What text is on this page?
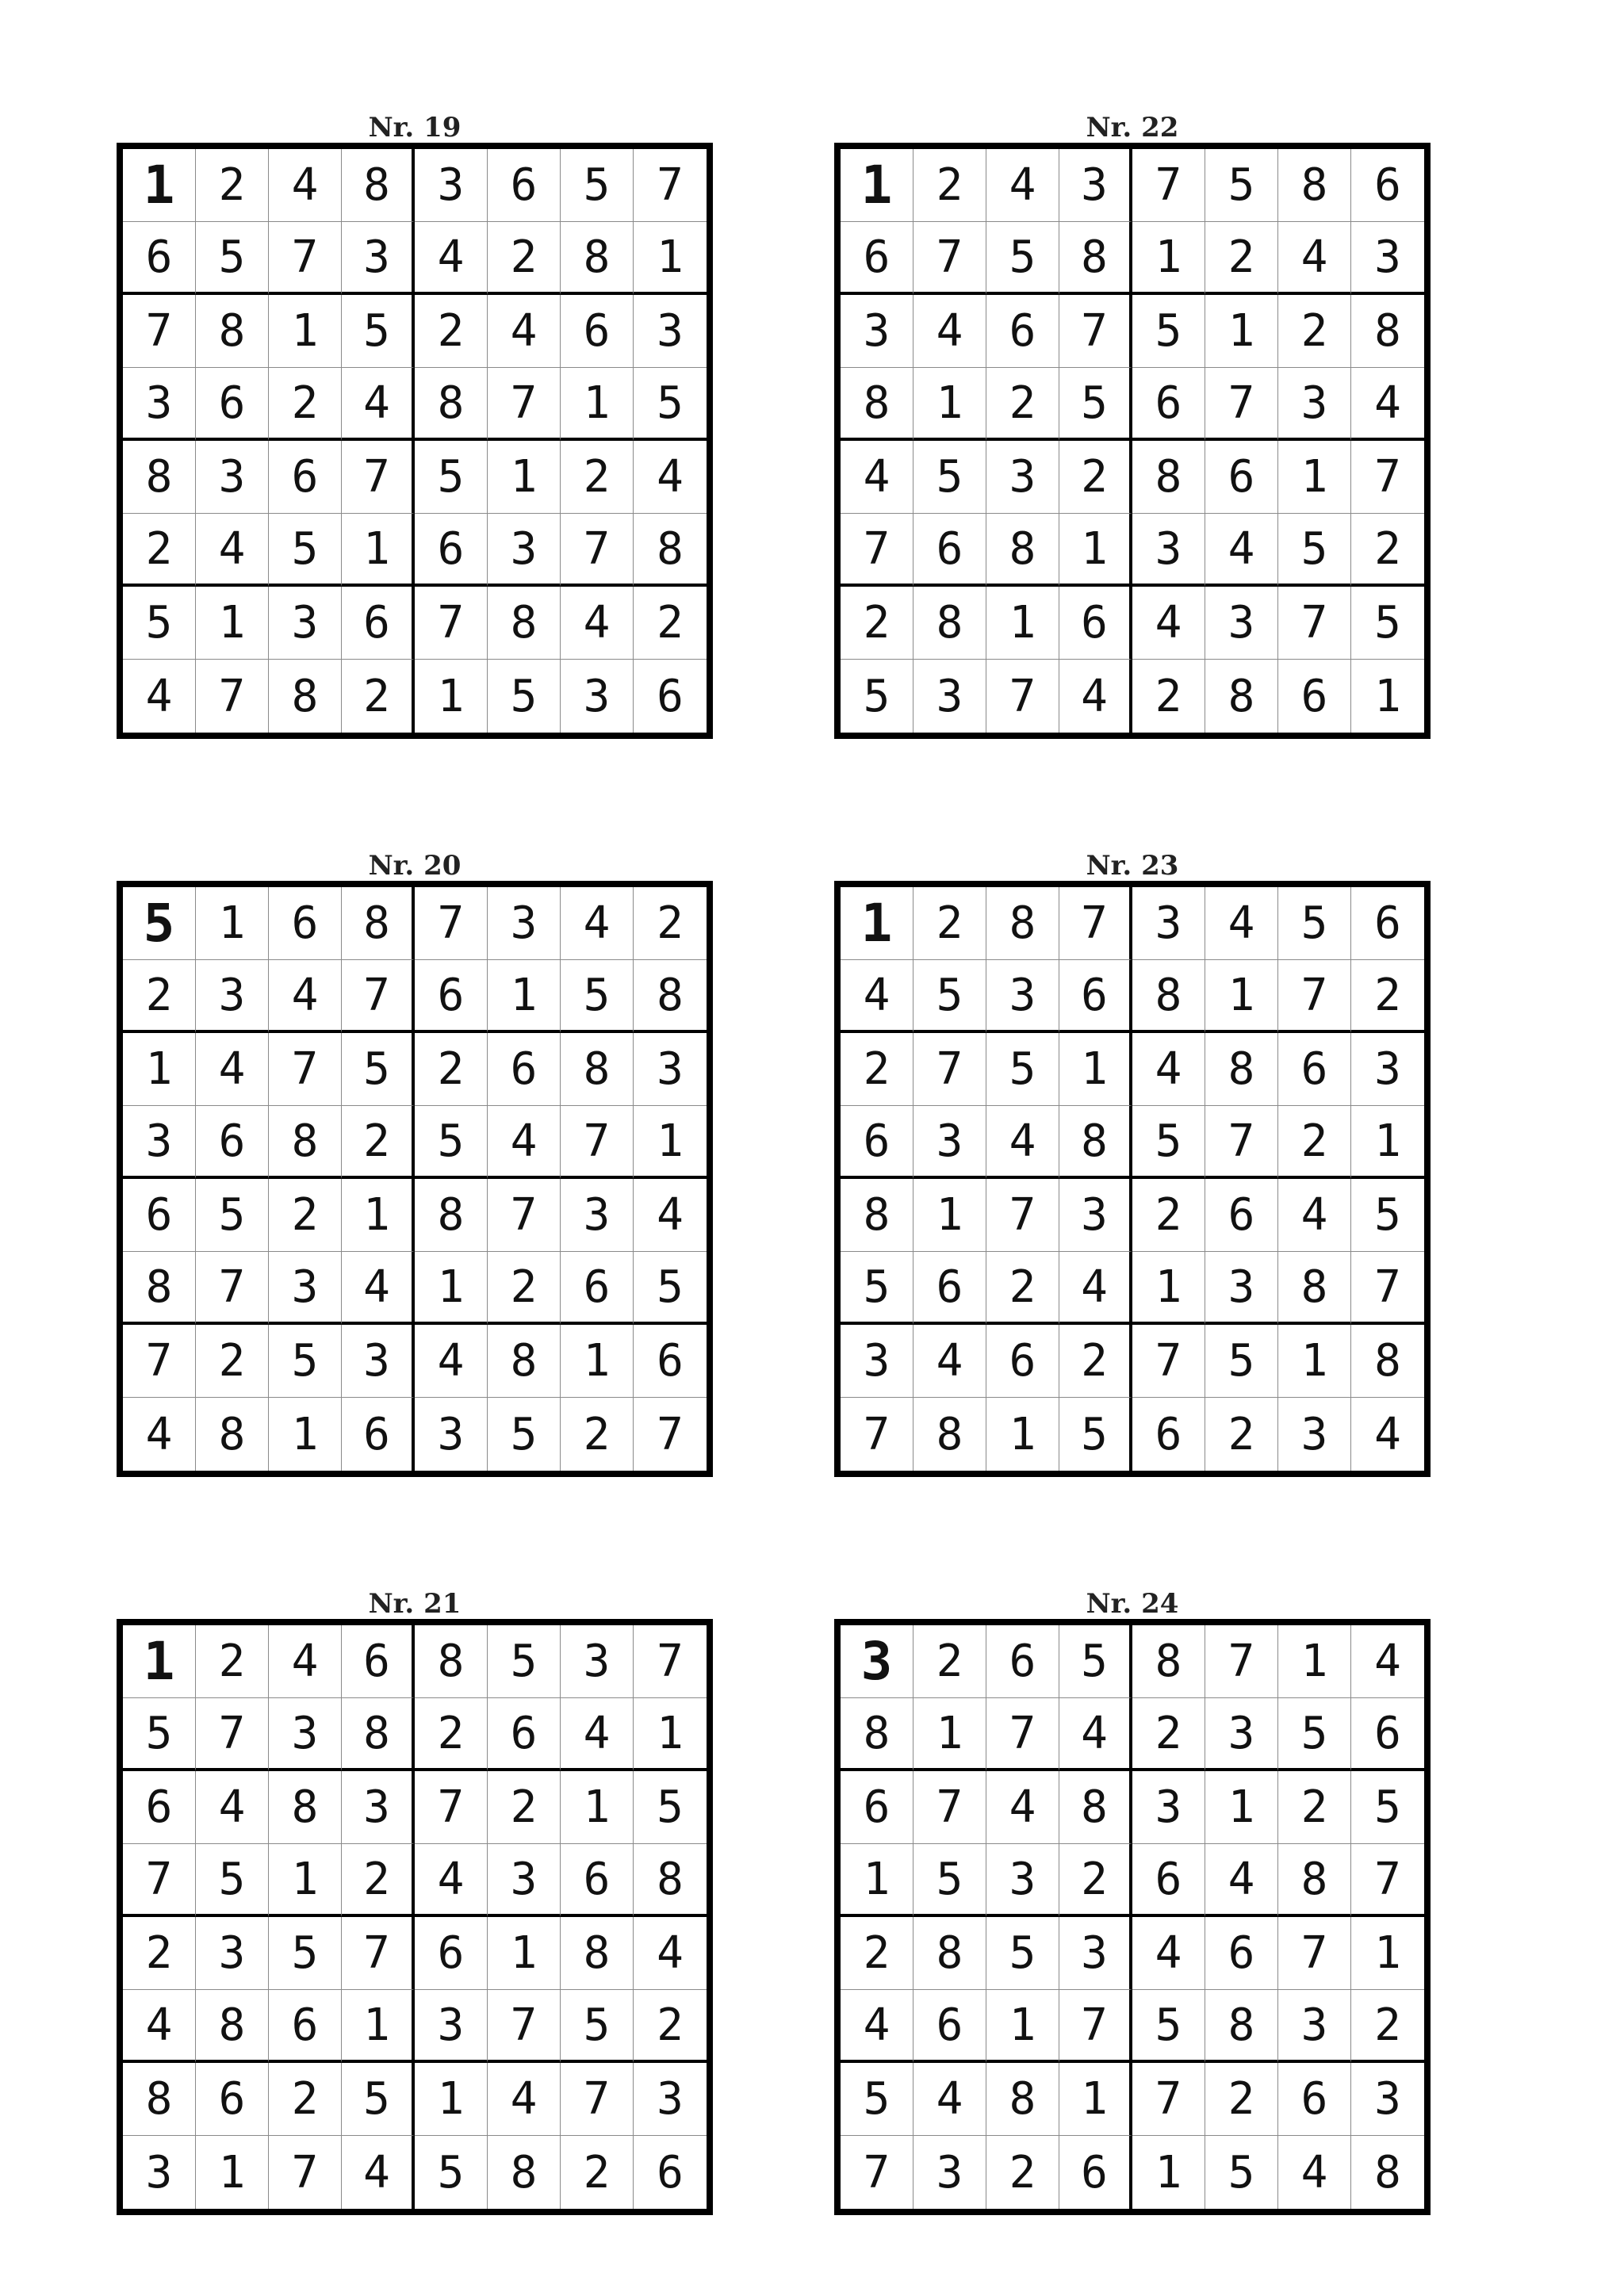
Nr. 19
1 2	4	8	3	6	5	7
6	5	7	3	4	2	8	1
7	8	1	5	2	4	6	3
3	6	2	4	8	7	1	5
8	3	6	7	5	1	2	4
2	4	5	1	6	3	7	8
5	1	3	6	7	8	4	2
4	7	8	2	1	5	3	6
Nr. 22
1 2	4	3	7	5	8	6
6	7	5	8	1	2	4	3
3	4	6	7	5	1	2	8
8	1	2	5	6	7	3	4
4	5	3	2	8	6	1	7
7	6	8	1	3	4	5	2
2	8	1	6	4	3	7	5
5	3	7	4	2	8	6	1
Nr. 20
5 1	6	8	7	3	4	2
2	3	4	7	6	1	5	8
1	4	7	5	2	6	8	3
3	6	8	2	5	4	7	1
6	5	2	1	8	7	3	4
8	7	3	4	1	2	6	5
7	2	5	3	4	8	1	6
4	8	1	6	3	5	2	7
Nr. 23
1 2	8	7	3	4	5	6
4	5	3	6	8	1	7	2
2	7	5	1	4	8	6	3
6	3	4	8	5	7	2	1
8	1	7	3	2	6	4	5
5	6	2	4	1	3	8	7
3	4	6	2	7	5	1	8
7	8	1	5	6	2	3	4
Nr. 21
1 2	4	6	8	5	3	7
5	7	3	8	2	6	4	1
6	4	8	3	7	2	1	5
7	5	1	2	4	3	6	8
2	3	5	7	6	1	8	4
4	8	6	1	3	7	5	2
8	6	2	5	1	4	7	3
3	1	7	4	5	8	2	6
Nr. 24
3 2	6	5	8	7	1	4
8	1	7	4	2	3	5	6
6	7	4	8	3	1	2	5
1	5	3	2	6	4	8	7
2	8	5	3	4	6	7	1
4	6	1	7	5	8	3	2
5	4	8	1	7	2	6	3
7	3	2	6	1	5	4	8
